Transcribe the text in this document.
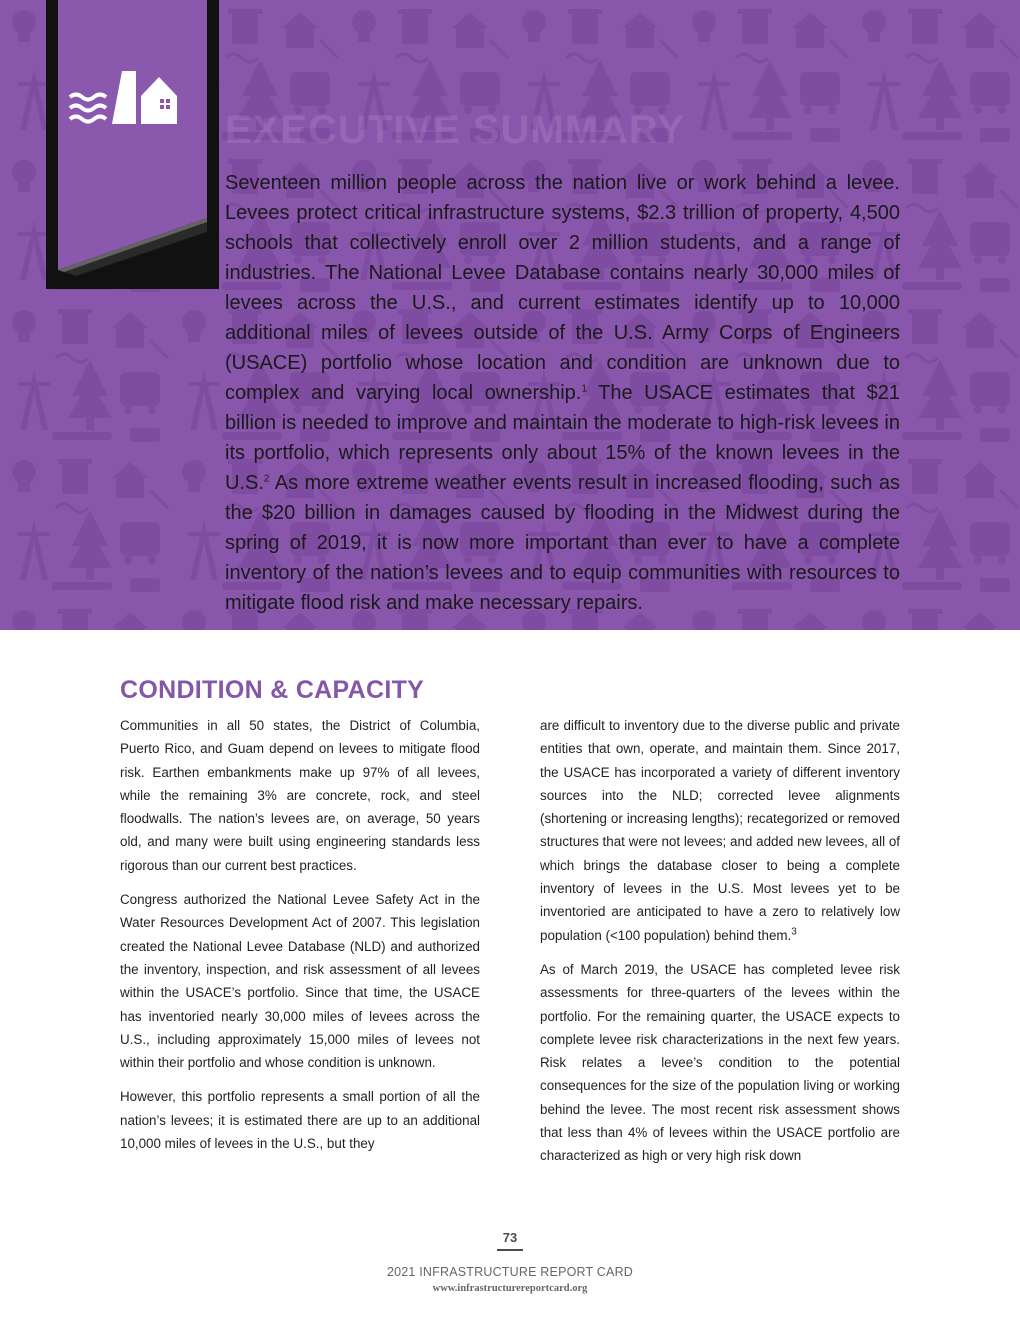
EXECUTIVE SUMMARY

Seventeen million people across the nation live or work behind a levee. Levees protect critical infrastructure systems, $2.3 trillion of property, 4,500 schools that collectively enroll over 2 million students, and a range of industries. The National Levee Database contains nearly 30,000 miles of levees across the U.S., and current estimates identify up to 10,000 additional miles of levees outside of the U.S. Army Corps of Engineers (USACE) portfolio whose location and condition are unknown due to complex and varying local ownership.$^1$ The USACE estimates that $21 billion is needed to improve and maintain the moderate to high-risk levees in its portfolio, which represents only about 15% of the known levees in the U.S.$^2$ As more extreme weather events result in increased flooding, such as the $20 billion in damages caused by flooding in the Midwest during the spring of 2019, it is now more important than ever to have a complete inventory of the nation’s levees and to equip communities with resources to mitigate flood risk and make necessary repairs.

CONDITION & CAPACITY

Communities in all 50 states, the District of Columbia, Puerto Rico, and Guam depend on levees to mitigate flood risk. Earthen embankments make up 97% of all levees, while the remaining 3% are concrete, rock, and steel floodwalls. The nation’s levees are, on average, 50 years old, and many were built using engineering standards less rigorous than our current best practices.

Congress authorized the National Levee Safety Act in the Water Resources Development Act of 2007. This legislation created the National Levee Database (NLD) and authorized the inventory, inspection, and risk assessment of all levees within the USACE’s portfolio. Since that time, the USACE has inventoried nearly 30,000 miles of levees across the U.S., including approximately 15,000 miles of levees not within their portfolio and whose condition is unknown.

However, this portfolio represents a small portion of all the nation’s levees; it is estimated there are up to an additional 10,000 miles of levees in the U.S., but they

are difficult to inventory due to the diverse public and private entities that own, operate, and maintain them. Since 2017, the USACE has incorporated a variety of different inventory sources into the NLD; corrected levee alignments (shortening or increasing lengths); recategorized or removed structures that were not levees; and added new levees, all of which brings the database closer to being a complete inventory of levees in the U.S. Most levees yet to be inventoried are anticipated to have a zero to relatively low population (<100 population) behind them.$^3$

As of March 2019, the USACE has completed levee risk assessments for three-quarters of the levees within the portfolio. For the remaining quarter, the USACE expects to complete levee risk characterizations in the next few years. Risk relates a levee’s condition to the potential consequences for the size of the population living or working behind the levee. The most recent risk assessment shows that less than 4% of levees within the USACE portfolio are characterized as high or very high risk down

73
2021 INFRASTRUCTURE REPORT CARD
www.infrastructurereportcard.org
